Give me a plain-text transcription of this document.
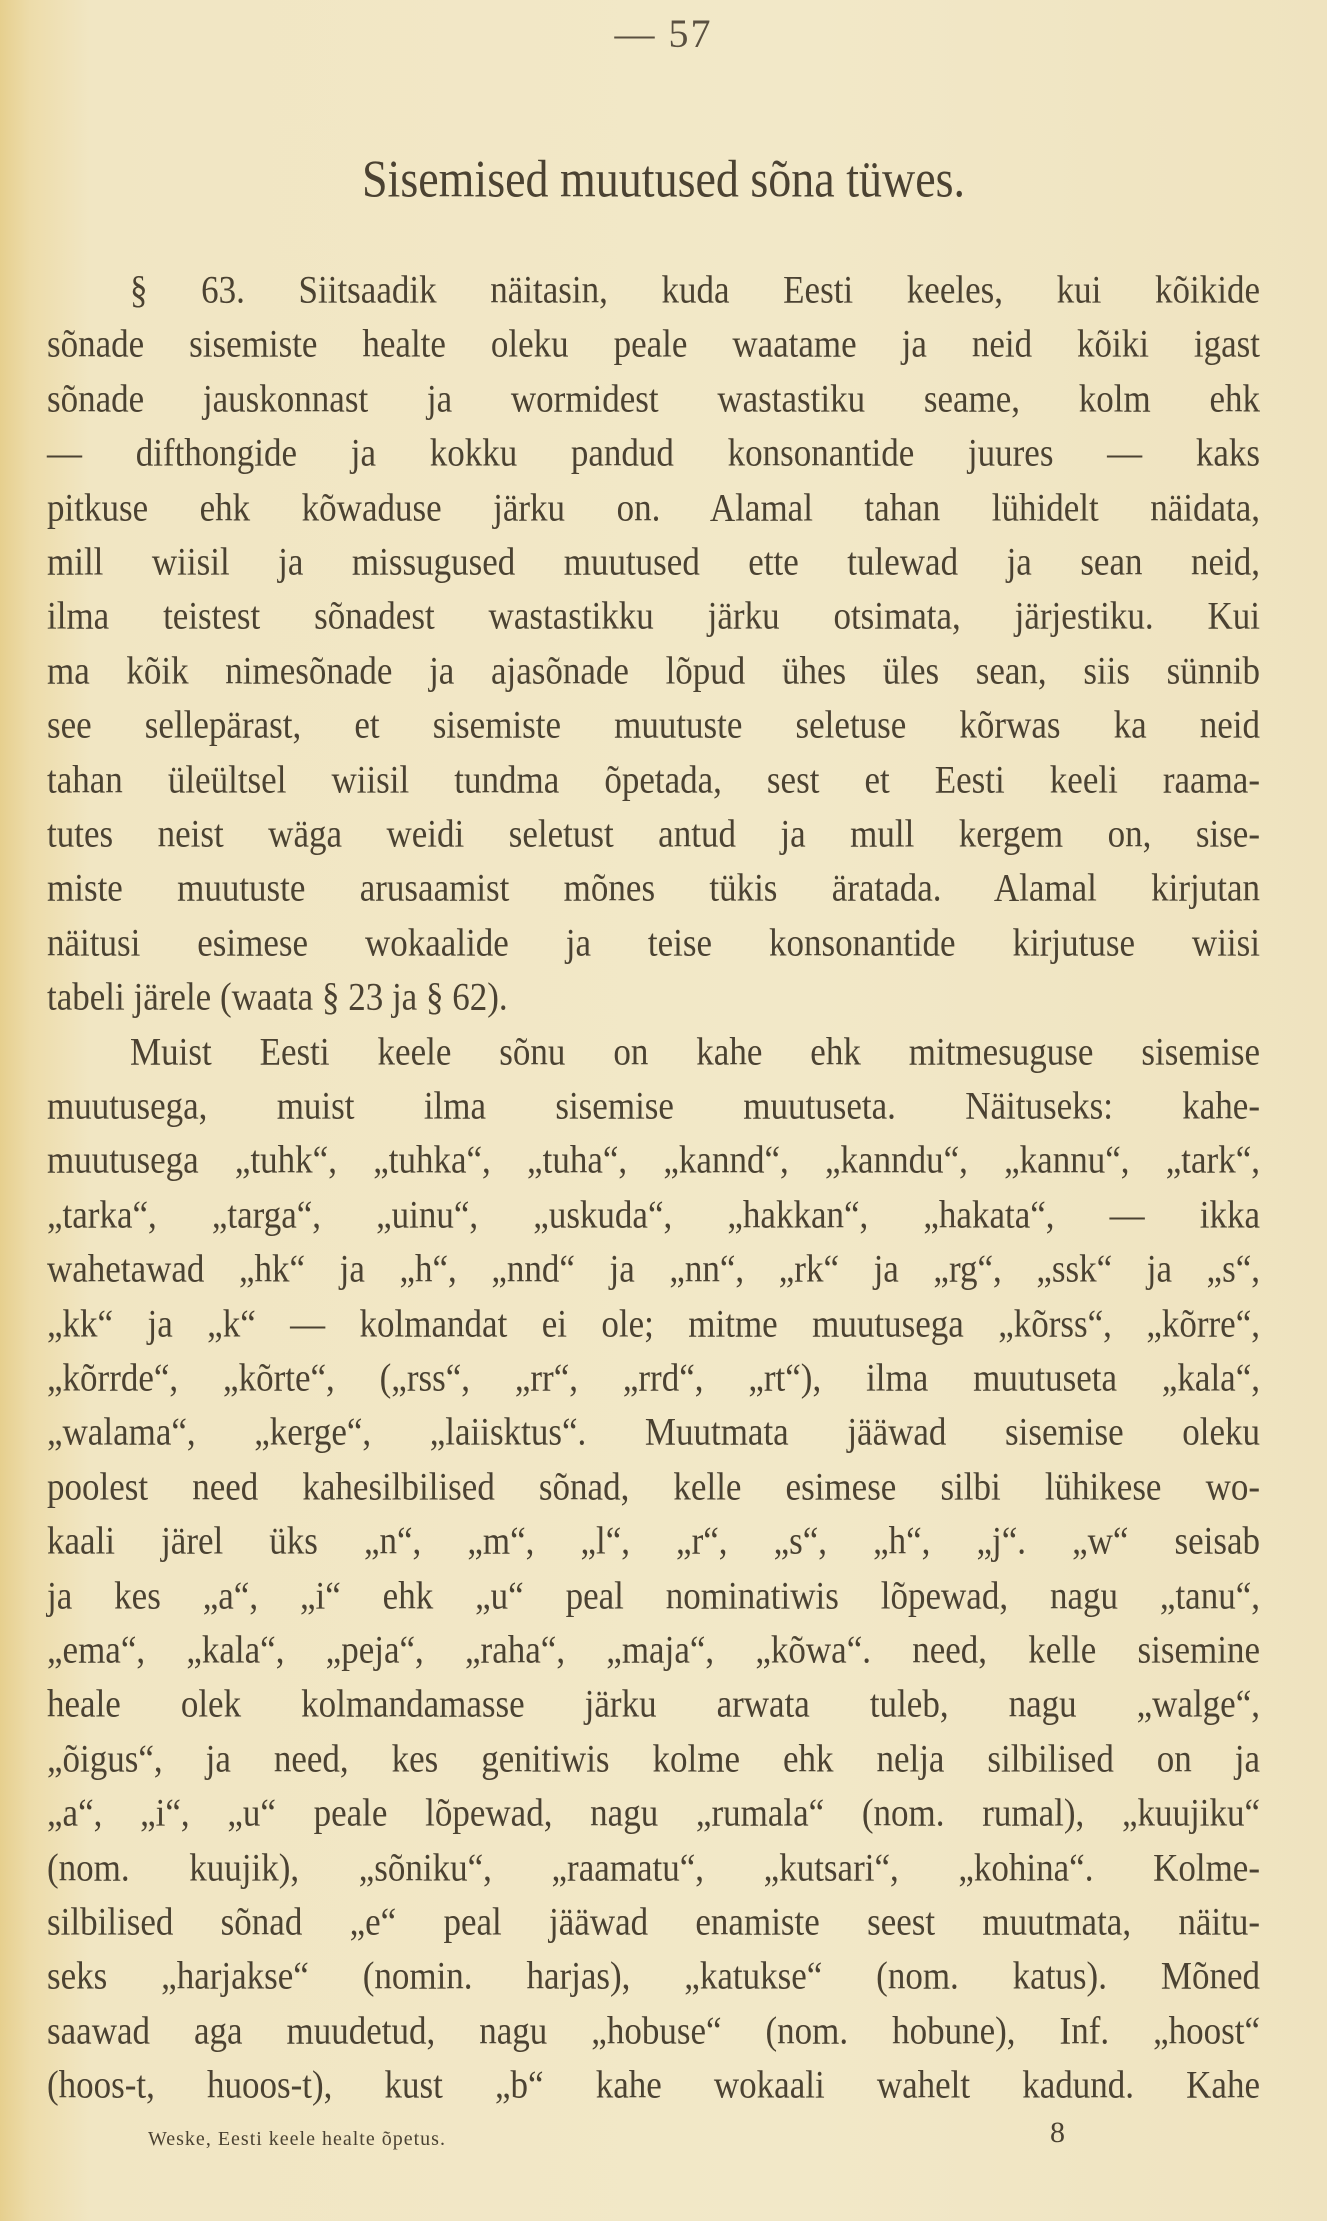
— 57
Sisemised muutused sõna tüwes.
§ 63. Siitsaadik näitasin, kuda Eesti keeles, kui kõikide
sõnade sisemiste healte oleku peale waatame ja neid kõiki igast
sõnade jauskonnast ja wormidest wastastiku seame, kolm ehk
— difthongide ja kokku pandud konsonantide juures — kaks
pitkuse ehk kõwaduse järku on. Alamal tahan lühidelt näidata,
mill wiisil ja missugused muutused ette tulewad ja sean neid,
ilma teistest sõnadest wastastikku järku otsimata, järjestiku. Kui
ma kõik nimesõnade ja ajasõnade lõpud ühes üles sean, siis sünnib
see sellepärast, et sisemiste muutuste seletuse kõrwas ka neid
tahan üleültsel wiisil tundma õpetada, sest et Eesti keeli raama-
tutes neist wäga weidi seletust antud ja mull kergem on, sise-
miste muutuste arusaamist mõnes tükis äratada. Alamal kirjutan
näitusi esimese wokaalide ja teise konsonantide kirjutuse wiisi
tabeli järele (waata § 23 ja § 62).
Muist Eesti keele sõnu on kahe ehk mitmesuguse sisemise
muutusega, muist ilma sisemise muutuseta. Näituseks: kahe-
muutusega „tuhk“, „tuhka“, „tuha“, „kannd“, „kanndu“, „kannu“, „tark“,
„tarka“, „targa“, „uinu“, „uskuda“, „hakkan“, „hakata“, — ikka
wahetawad „hk“ ja „h“, „nnd“ ja „nn“, „rk“ ja „rg“, „ssk“ ja „s“,
„kk“ ja „k“ — kolmandat ei ole; mitme muutusega „kõrss“, „kõrre“,
„kõrrde“, „kõrte“, („rss“, „rr“, „rrd“, „rt“), ilma muutuseta „kala“,
„walama“, „kerge“, „laiisktus“. Muutmata jääwad sisemise oleku
poolest need kahesilbilised sõnad, kelle esimese silbi lühikese wo-
kaali järel üks „n“, „m“, „l“, „r“, „s“, „h“, „j“. „w“ seisab
ja kes „a“, „i“ ehk „u“ peal nominatiwis lõpewad, nagu „tanu“,
„ema“, „kala“, „peja“, „raha“, „maja“, „kõwa“. need, kelle sisemine
heale olek kolmandamasse järku arwata tuleb, nagu „walge“,
„õigus“, ja need, kes genitiwis kolme ehk nelja silbilised on ja
„a“, „i“, „u“ peale lõpewad, nagu „rumala“ (nom. rumal), „kuujiku“
(nom. kuujik), „sõniku“, „raamatu“, „kutsari“, „kohina“. Kolme-
silbilised sõnad „e“ peal jääwad enamiste seest muutmata, näitu-
seks „harjakse“ (nomin. harjas), „katukse“ (nom. katus). Mõned
saawad aga muudetud, nagu „hobuse“ (nom. hobune), Inf. „hoost“
(hoos-t, huoos-t), kust „b“ kahe wokaali wahelt kadund. Kahe
Weske, Eesti keele healte õpetus.	8
